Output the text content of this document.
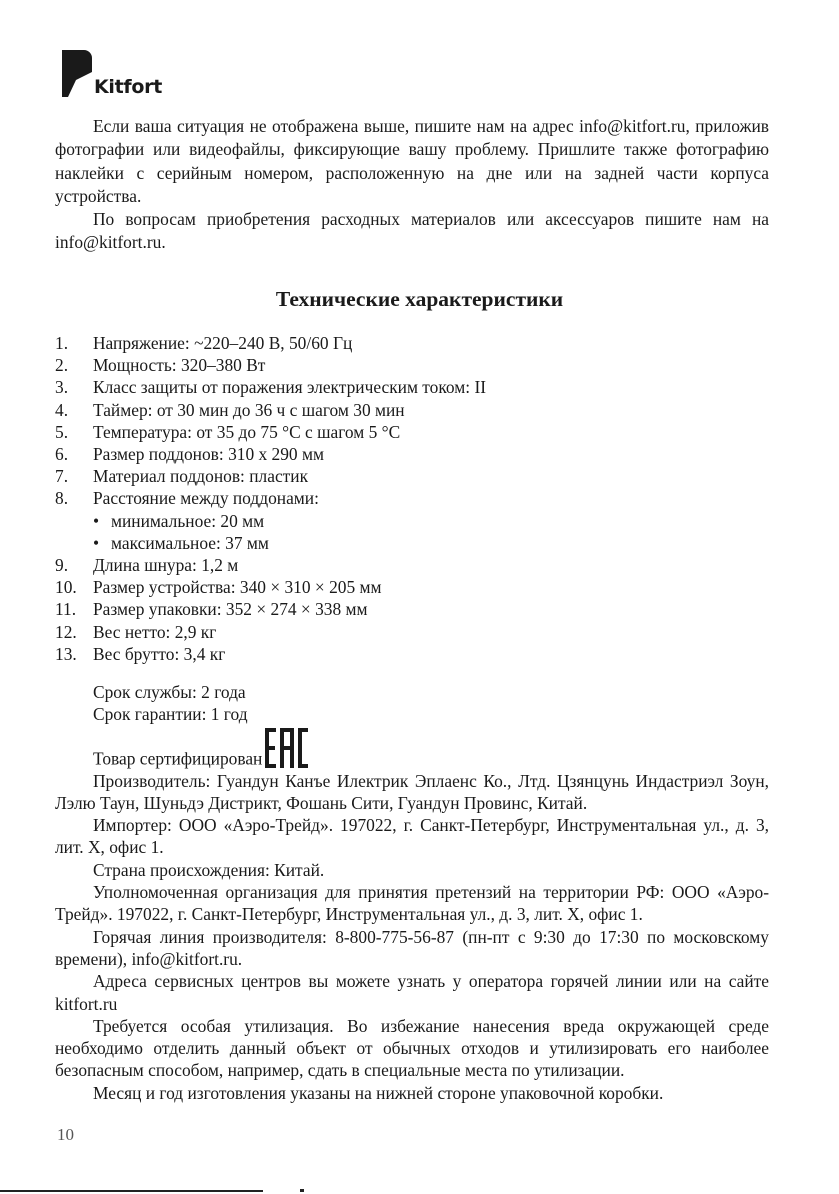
Kitfort

Если ваша ситуация не отображена выше, пишите нам на адрес info@kitfort.ru, приложив фотографии или видеофайлы, фиксирующие вашу проблему. Пришлите также фотографию наклейки с серийным номером, расположенную на дне или на задней части корпуса устройства.

По вопросам приобретения расходных материалов или аксессуаров пишите нам на info@kitfort.ru.

Технические характеристики
1. Напряжение: ~220–240 В, 50/60 Гц
2. Мощность: 320–380 Вт
3. Класс защиты от поражения электрическим током: II
4. Таймер: от 30 мин до 36 ч с шагом 30 мин
5. Температура: от 35 до 75 °С с шагом 5 °С
6. Размер поддонов: 310 х 290 мм
7. Материал поддонов: пластик
8. Расстояние между поддонами:
• минимальное: 20 мм
• максимальное: 37 мм
9. Длина шнура: 1,2 м
10. Размер устройства: 340 × 310 × 205 мм
11. Размер упаковки: 352 × 274 × 338 мм
12. Вес нетто: 2,9 кг
13. Вес брутто: 3,4 кг

Срок службы: 2 года

Срок гарантии: 1 год

Товар сертифицирован

Производитель: Гуандун Канъе Илектрик Эплаенс Ко., Лтд. Цзянцунь Индастриэл Зоун, Лэлю Таун, Шуньдэ Дистрикт, Фошань Сити, Гуандун Провинс, Китай.

Импортер: ООО «Аэро-Трейд». 197022, г. Санкт-Петербург, Инструментальная ул., д. 3, лит. Х, офис 1.

Страна происхождения: Китай.

Уполномоченная организация для принятия претензий на территории РФ: ООО «Аэро-Трейд». 197022, г. Санкт-Петербург, Инструментальная ул., д. 3, лит. Х, офис 1.

Горячая линия производителя: 8-800-775-56-87 (пн-пт с 9:30 до 17:30 по московскому времени), info@kitfort.ru.

Адреса сервисных центров вы можете узнать у оператора горячей линии или на сайте kitfort.ru

Требуется особая утилизация. Во избежание нанесения вреда окружающей среде необходимо отделить данный объект от обычных отходов и утилизировать его наиболее безопасным способом, например, сдать в специальные места по утилизации.

Месяц и год изготовления указаны на нижней стороне упаковочной коробки.

10
